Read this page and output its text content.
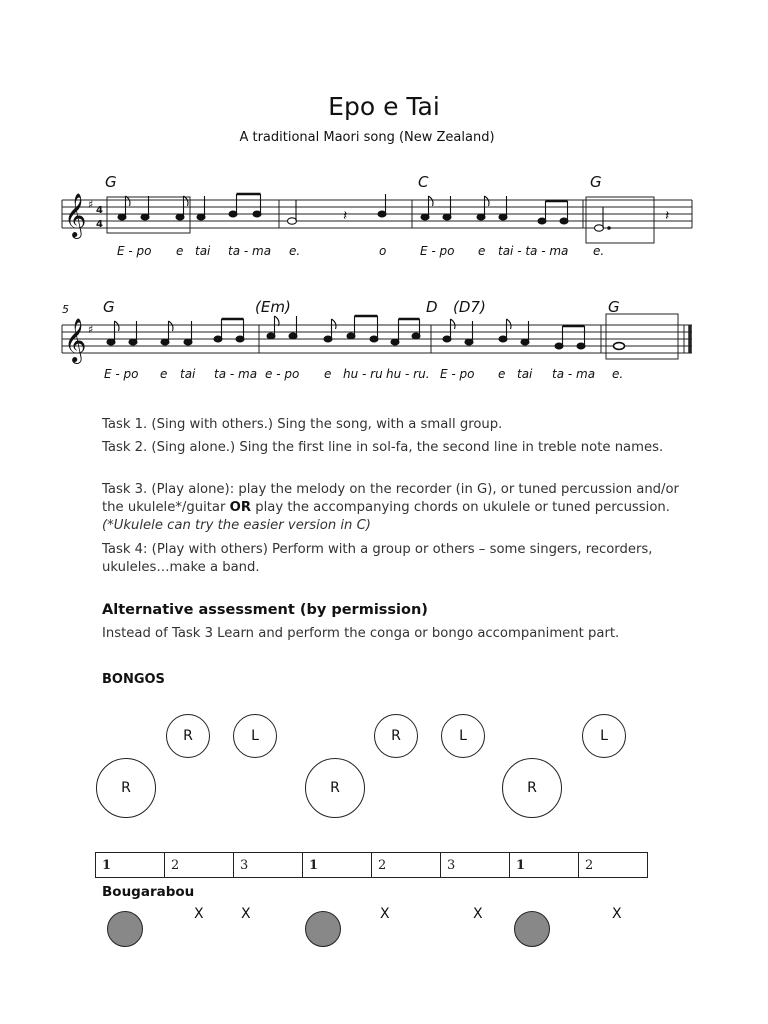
Epo e Tai
A traditional Maori song (New Zealand)
𝄞 ♯ 4
4
𝄽	𝄽
G	C	G
E - po e tai ta - ma e.	o	E - po e tai - ta - ma e.
5
𝄞 ♯
G	(Em)	D (D7)	G
E - po e tai ta - ma e - po e hu - ru hu - ru. E - po e tai ta - ma e.
Task 1. (Sing with others.) Sing the song, with a small group.
Task 2. (Sing alone.) Sing the first line in sol-fa, the second line in treble note names.
Task 3. (Play alone): play the melody on the recorder (in G), or tuned percussion and/or the ukulele*/guitar OR play the accompanying chords on ukulele or tuned percussion. (*Ukulele can try the easier version in C)
Task 4: (Play with others) Perform with a group or others – some singers, recorders, ukuleles…make a band.
Alternative assessment (by permission)
Instead of Task 3 Learn and perform the conga or bongo accompaniment part.
BONGOS
R
R	L
R
R	L
R
L
1	2	3	1	2	3	1	2
Bougarabou
X	X	X	X	X
